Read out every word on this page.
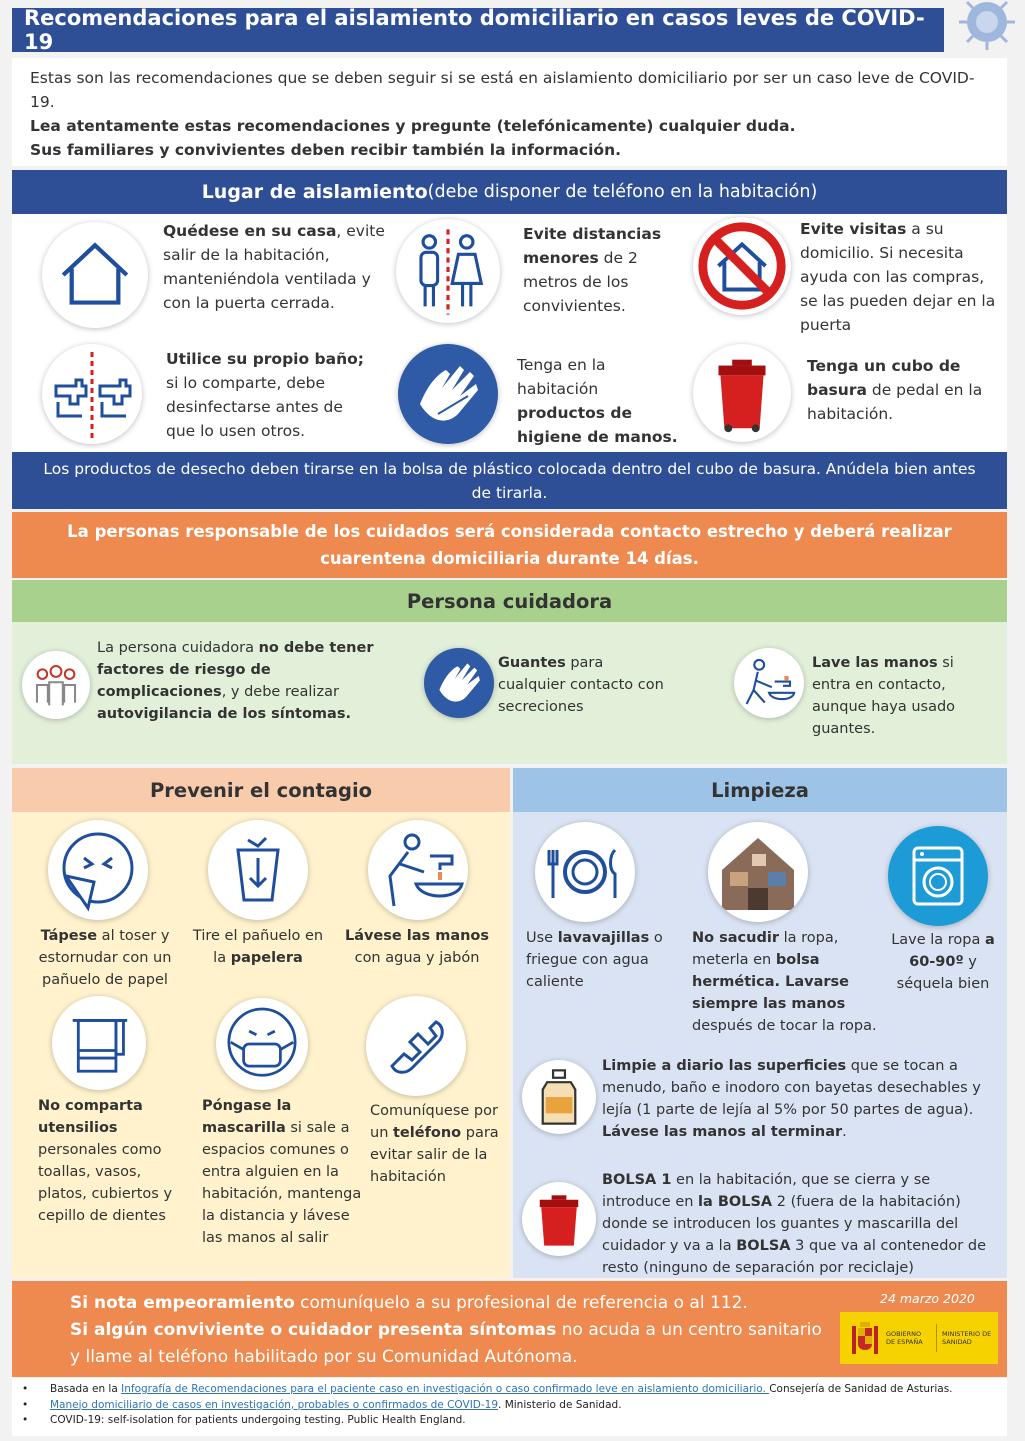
Recomendaciones para el aislamiento domiciliario en casos leves de COVID-19
Estas son las recomendaciones que se deben seguir si se está en aislamiento domiciliario por ser un caso leve de COVID-19.
Lea atentamente estas recomendaciones y pregunte (telefónicamente) cualquier duda.
Sus familiares y convivientes deben recibir también la información.
Lugar de aislamiento (debe disponer de teléfono en la habitación)
Quédese en su casa, evite salir de la habitación, manteniéndola ventilada y con la puerta cerrada.
Evite distancias menores de 2 metros de los convivientes.
Evite visitas a su domicilio. Si necesita ayuda con las compras, se las pueden dejar en la puerta
Utilice su propio baño; si lo comparte, debe desinfectarse antes de que lo usen otros.
Tenga en la habitación productos de higiene de manos.
Tenga un cubo de basura de pedal en la habitación.
Los productos de desecho deben tirarse en la bolsa de plástico colocada dentro del cubo de basura. Anúdela bien antes de tirarla.
La personas responsable de los cuidados será considerada contacto estrecho y deberá realizar cuarentena domiciliaria durante 14 días.
Persona cuidadora
La persona cuidadora no debe tener factores de riesgo de complicaciones, y debe realizar autovigilancia de los síntomas.
Guantes para cualquier contacto con secreciones
Lave las manos si entra en contacto, aunque haya usado guantes.
Prevenir el contagio
Tápese al toser y estornudar con un pañuelo de papel
Tire el pañuelo en la papelera
Lávese las manos con agua y jabón
No comparta utensilios personales como toallas, vasos, platos, cubiertos y cepillo de dientes
Póngase la mascarilla si sale a espacios comunes o entra alguien en la habitación, mantenga la distancia y lávese las manos al salir
Comuníquese por un teléfono para evitar salir de la habitación
Limpieza
Use lavavajillas o friegue con agua caliente
No sacudir la ropa, meterla en bolsa hermética. Lavarse siempre las manos después de tocar la ropa.
Lave la ropa a 60-90º y séquela bien
Limpie a diario las superficies que se tocan a menudo, baño e inodoro con bayetas desechables y lejía (1 parte de lejía al 5% por 50 partes de agua). Lávese las manos al terminar.
BOLSA 1 en la habitación, que se cierra y se introduce en la BOLSA 2 (fuera de la habitación) donde se introducen los guantes y mascarilla del cuidador y va a la BOLSA 3 que va al contenedor de resto (ninguno de separación por reciclaje)
Si nota empeoramiento comuníquelo a su profesional de referencia o al 112.
Si algún conviviente o cuidador presenta síntomas no acuda a un centro sanitario y llame al teléfono habilitado por su Comunidad Autónoma.
24 marzo 2020
GOBIERNO DE ESPAÑA
MINISTERIO DE SANIDAD
•	Basada en la Infografía de Recomendaciones para el paciente caso en investigación o caso confirmado leve en aislamiento domiciliario. Consejería de Sanidad de Asturias.
•	Manejo domiciliario de casos en investigación, probables o confirmados de COVID-19. Ministerio de Sanidad.
•	COVID-19: self-isolation for patients undergoing testing. Public Health England.
